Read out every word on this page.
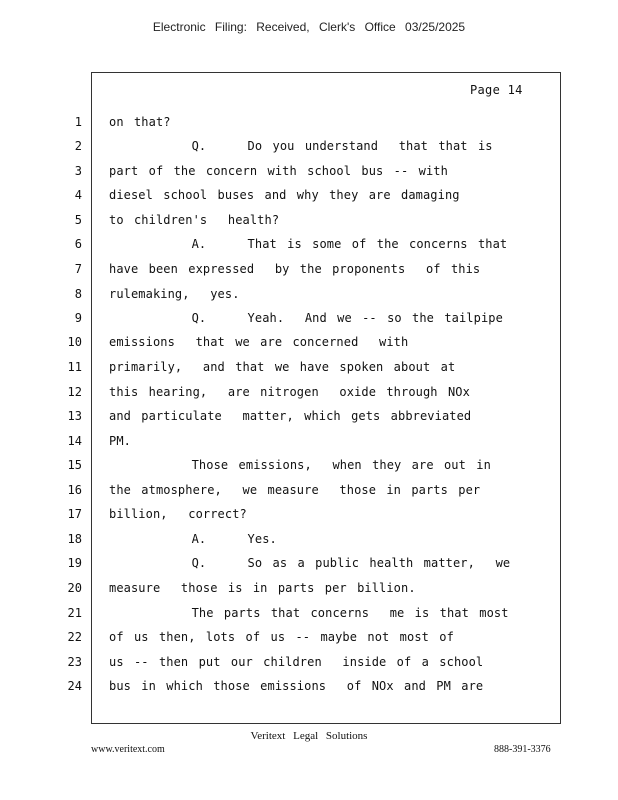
Electronic Filing: Received, Clerk's Office 03/25/2025
Page 14
1 on that?
2 Q.    Do you understand  that that is
3 part of the concern with school bus -- with
4 diesel school buses and why they are damaging
5 to children's  health?
6 A.    That is some of the concerns that
7 have been expressed  by the proponents  of this
8 rulemaking,  yes.
9 Q.    Yeah.  And we -- so the tailpipe
10 emissions  that we are concerned  with
11 primarily,  and that we have spoken about at
12 this hearing,  are nitrogen  oxide through NOx
13 and particulate  matter, which gets abbreviated
14 PM.
15 Those emissions,  when they are out in
16 the atmosphere,  we measure  those in parts per
17 billion,  correct?
18 A.    Yes.
19 Q.    So as a public health matter,  we
20 measure  those is in parts per billion.
21 The parts that concerns  me is that most
22 of us then, lots of us -- maybe not most of
23 us -- then put our children  inside of a school
24 bus in which those emissions  of NOx and PM are
Veritext Legal Solutions
www.veritext.com	888-391-3376
